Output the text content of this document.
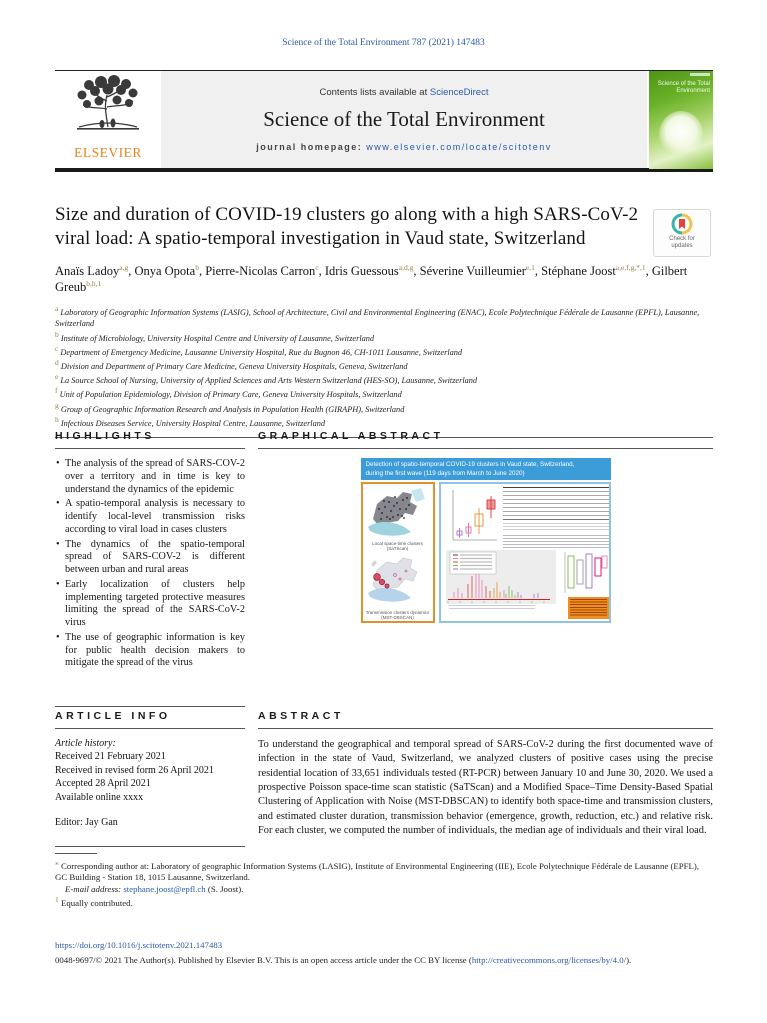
Science of the Total Environment 787 (2021) 147483
ELSEVIER
Contents lists available at ScienceDirect
Science of the Total Environment
journal homepage: www.elsevier.com/locate/scitotenv
Science of the Total Environment
Size and duration of COVID-19 clusters go along with a high SARS-CoV-2 viral load: A spatio-temporal investigation in Vaud state, Switzerland	Check for
updates
Anaïs Ladoy$^{a,g}$, Onya Opota$^b$, Pierre-Nicolas Carron$^c$, Idris Guessous$^{a,d,g}$, Séverine Vuilleumier$^{e,1}$, Stéphane Joost$^{a,e,f,g,*,1}$, Gilbert Greub$^{b,h,1}$
$^a$ Laboratory of Geographic Information Systems (LASIG), School of Architecture, Civil and Environmental Engineering (ENAC), Ecole Polytechnique Fédérale de Lausanne (EPFL), Lausanne, Switzerland
$^b$ Institute of Microbiology, University Hospital Centre and University of Lausanne, Switzerland
$^c$ Department of Emergency Medicine, Lausanne University Hospital, Rue du Bugnon 46, CH-1011 Lausanne, Switzerland
$^d$ Division and Department of Primary Care Medicine, Geneva University Hospitals, Geneva, Switzerland
$^e$ La Source School of Nursing, University of Applied Sciences and Arts Western Switzerland (HES-SO), Lausanne, Switzerland
$^f$ Unit of Population Epidemiology, Division of Primary Care, Geneva University Hospitals, Switzerland
$^g$ Group of Geographic Information Research and Analysis in Population Health (GIRAPH), Switzerland
$^h$ Infectious Diseases Service, University Hospital Centre, Lausanne, Switzerland
HIGHLIGHTS
• The analysis of the spread of SARS-COV-2 over a territory and in time is key to understand the dynamics of the epidemic
• A spatio-temporal analysis is necessary to identify local-level transmission risks according to viral load in cases clusters
• The dynamics of the spatio-temporal spread of SARS-COV-2 is different between urban and rural areas
• Early localization of clusters help implementing targeted protective measures limiting the spread of the SARS-CoV-2 virus
• The use of geographic information is key for public health decision makers to mitigate the spread of the virus
GRAPHICAL ABSTRACT
Detection of spatio-temporal COVID-19 clusters in Vaud state, Switzerland,
during the first wave (119 days from March to June 2020)
Local space-time clusters (SaTScan)
Transmission clusters dynamics (MST-DBSCAN)
ARTICLE INFO
Article history:
Received 21 February 2021
Received in revised form 26 April 2021
Accepted 28 April 2021
Available online xxxx
Editor: Jay Gan
ABSTRACT

To understand the geographical and temporal spread of SARS-CoV-2 during the first documented wave of infection in the state of Vaud, Switzerland, we analyzed clusters of positive cases using the precise residential location of 33,651 individuals tested (RT-PCR) between January 10 and June 30, 2020. We used a prospective Poisson space-time scan statistic (SaTScan) and a Modified Space–Time Density-Based Spatial Clustering of Application with Noise (MST-DBSCAN) to identify both space-time and transmission clusters, and estimated cluster duration, transmission behavior (emergence, growth, reduction, etc.) and relative risk. For each cluster, we computed the number of individuals, the median age of individuals and their viral load.

⁎ Corresponding author at: Laboratory of geographic Information Systems (LASIG), Institute of Environmental Engineering (IIE), Ecole Polytechnique Fédérale de Lausanne (EPFL), GC Building - Station 18, 1015 Lausanne, Switzerland.

E-mail address: stephane.joost@epfl.ch (S. Joost).

$^1$ Equally contributed.

https://doi.org/10.1016/j.scitotenv.2021.147483
0048-9697/© 2021 The Author(s). Published by Elsevier B.V. This is an open access article under the CC BY license (http://creativecommons.org/licenses/by/4.0/).
